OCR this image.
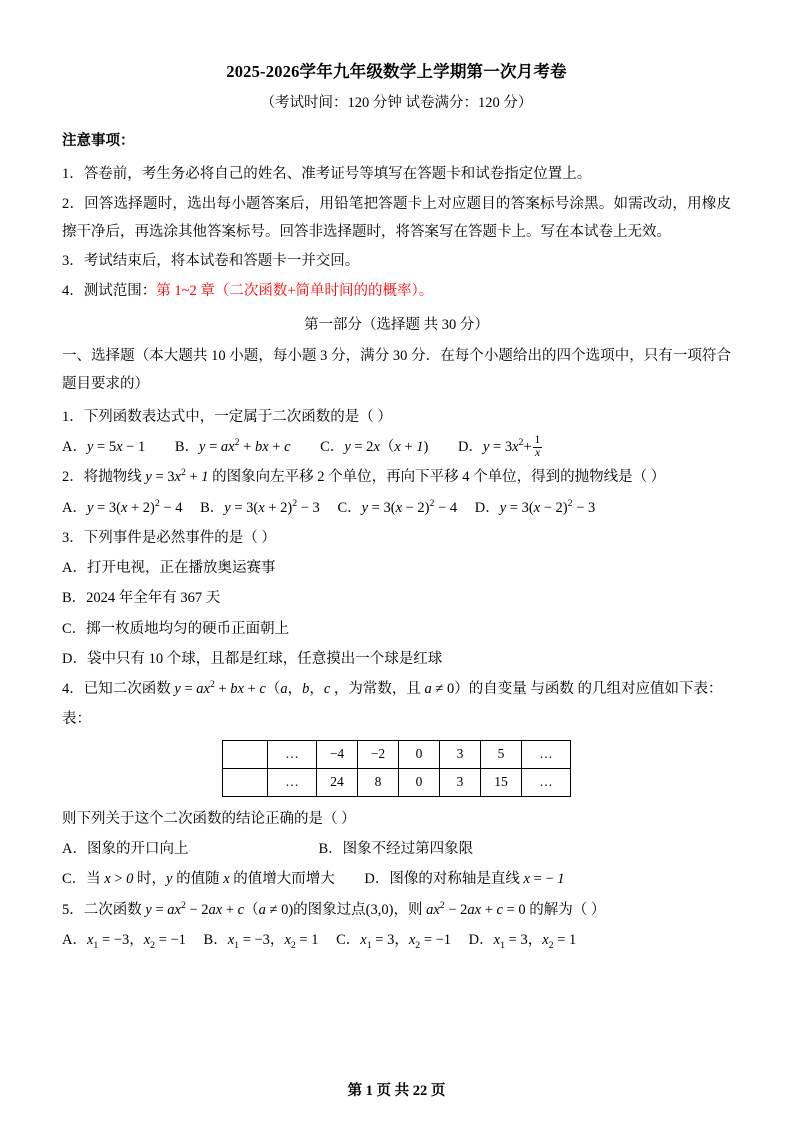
2025-2026学年九年级数学上学期第一次月考卷
（考试时间：120 分钟 试卷满分：120 分）
注意事项：
1．答卷前，考生务必将自己的姓名、准考证号等填写在答题卡和试卷指定位置上。
2．回答选择题时，选出每小题答案后，用铅笔把答题卡上对应题目的答案标号涂黑。如需改动，用橡皮擦干净后，再选涂其他答案标号。回答非选择题时，将答案写在答题卡上。写在本试卷上无效。
3．考试结束后，将本试卷和答题卡一并交回。
4．测试范围：第 1~2 章（二次函数+简单时间的的概率）。
第一部分（选择题 共 30 分）
一、选择题（本大题共 10 小题，每小题 3 分，满分 30 分．在每个小题给出的四个选项中，只有一项符合题目要求的）
1．下列函数表达式中，一定属于二次函数的是（ ）
A．y = 5x − 1 B．$y = ax^2$ + bx + c C．y = 2x（x + 1) D．$y = 3x^2+ \frac{1}{x}$
2．将抛物线 $y = 3x^2 + 1$ 的图象向左平移 2 个单位，再向下平移 4 个单位，得到的抛物线是（ ）
A．$y = 3(x + 2)^2 - 4$ B．$y = 3(x + 2)^2 - 3$ C．$y = 3(x - 2)^2 - 4$ D．$y = 3(x - 2)^2 - 3$
3．下列事件是必然事件的是（ ）
A．打开电视，正在播放奥运赛事
B．2024 年全年有 367 天
C．掷一枚质地均匀的硬币正面朝上
D．袋中只有 10 个球，且都是红球，任意摸出一个球是红球
4．已知二次函数 $y = ax^2$ + bx + c（a，b，c ，为常数，且 a ≠ 0）的自变量 与函数 的几组对应值如下表：
表：
	…	−4	−2	0	3	5	…
	…	24	8	0	3	15	…
则下列关于这个二次函数的结论正确的是（ ）
A．图象的开口向上	B．图象不经过第四象限
C．当 x > 0 时，y 的值随 x 的值增大而增大 D．图像的对称轴是直线 x = − 1
5．二次函数 $y = ax^2 - 2ax + c(a \ne 0)$的图象过点(3,0)，则 $ax^2 - 2ax + c = 0$ 的解为（ ）
A．$x_1 = -3$，$x_2 = -1$ B．$x_1 = -3$，$x_2 = 1$ C．$x_1 = 3$，$x_2 = -1$ D．$x_1 = 3$，$x_2 = 1$
第 1 页 共 22 页
